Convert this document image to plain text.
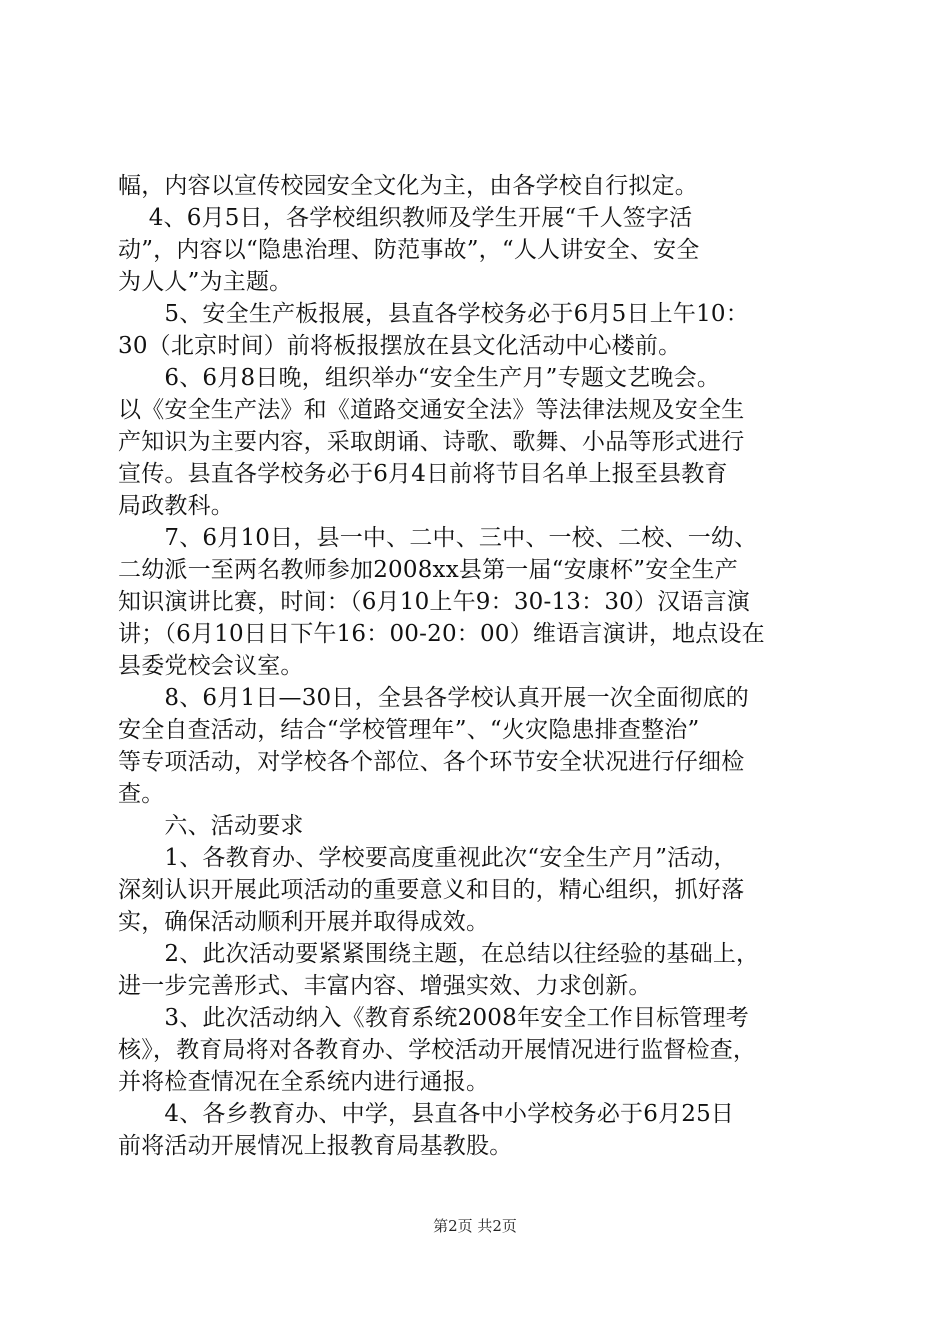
幅，内容以宣传校园安全文化为主，由各学校自行拟定。
　 4、6月5日，各学校组织教师及学生开展“千人签字活
动”，内容以“隐患治理、防范事故”，“人人讲安全、安全
为人人”为主题。
　　5、安全生产板报展，县直各学校务必于6月5日上午10：
30（北京时间）前将板报摆放在县文化活动中心楼前。
　　6、6月8日晚，组织举办“安全生产月”专题文艺晚会。
以《安全生产法》和《道路交通安全法》等法律法规及安全生
产知识为主要内容，采取朗诵、诗歌、歌舞、小品等形式进行
宣传。县直各学校务必于6月4日前将节目名单上报至县教育
局政教科。
　　7、6月10日，县一中、二中、三中、一校、二校、一幼、
二幼派一至两名教师参加2008xx县第一届“安康杯”安全生产
知识演讲比赛，时间：（6月10上午9：30-13：30）汉语言演
讲；（6月10日日下午16：00-20：00）维语言演讲，地点设在
县委党校会议室。
　　8、6月1日—30日，全县各学校认真开展一次全面彻底的
安全自查活动，结合“学校管理年”、“火灾隐患排查整治”
等专项活动，对学校各个部位、各个环节安全状况进行仔细检
查。
　　六、活动要求
　　1、各教育办、学校要高度重视此次“安全生产月”活动，
深刻认识开展此项活动的重要意义和目的，精心组织，抓好落
实，确保活动顺利开展并取得成效。
　　2、此次活动要紧紧围绕主题，在总结以往经验的基础上，
进一步完善形式、丰富内容、增强实效、力求创新。
　　3、此次活动纳入《教育系统2008年安全工作目标管理考
核》，教育局将对各教育办、学校活动开展情况进行监督检查，
并将检查情况在全系统内进行通报。
　　4、各乡教育办、中学，县直各中小学校务必于6月25日
前将活动开展情况上报教育局基教股。
第2页 共2页
